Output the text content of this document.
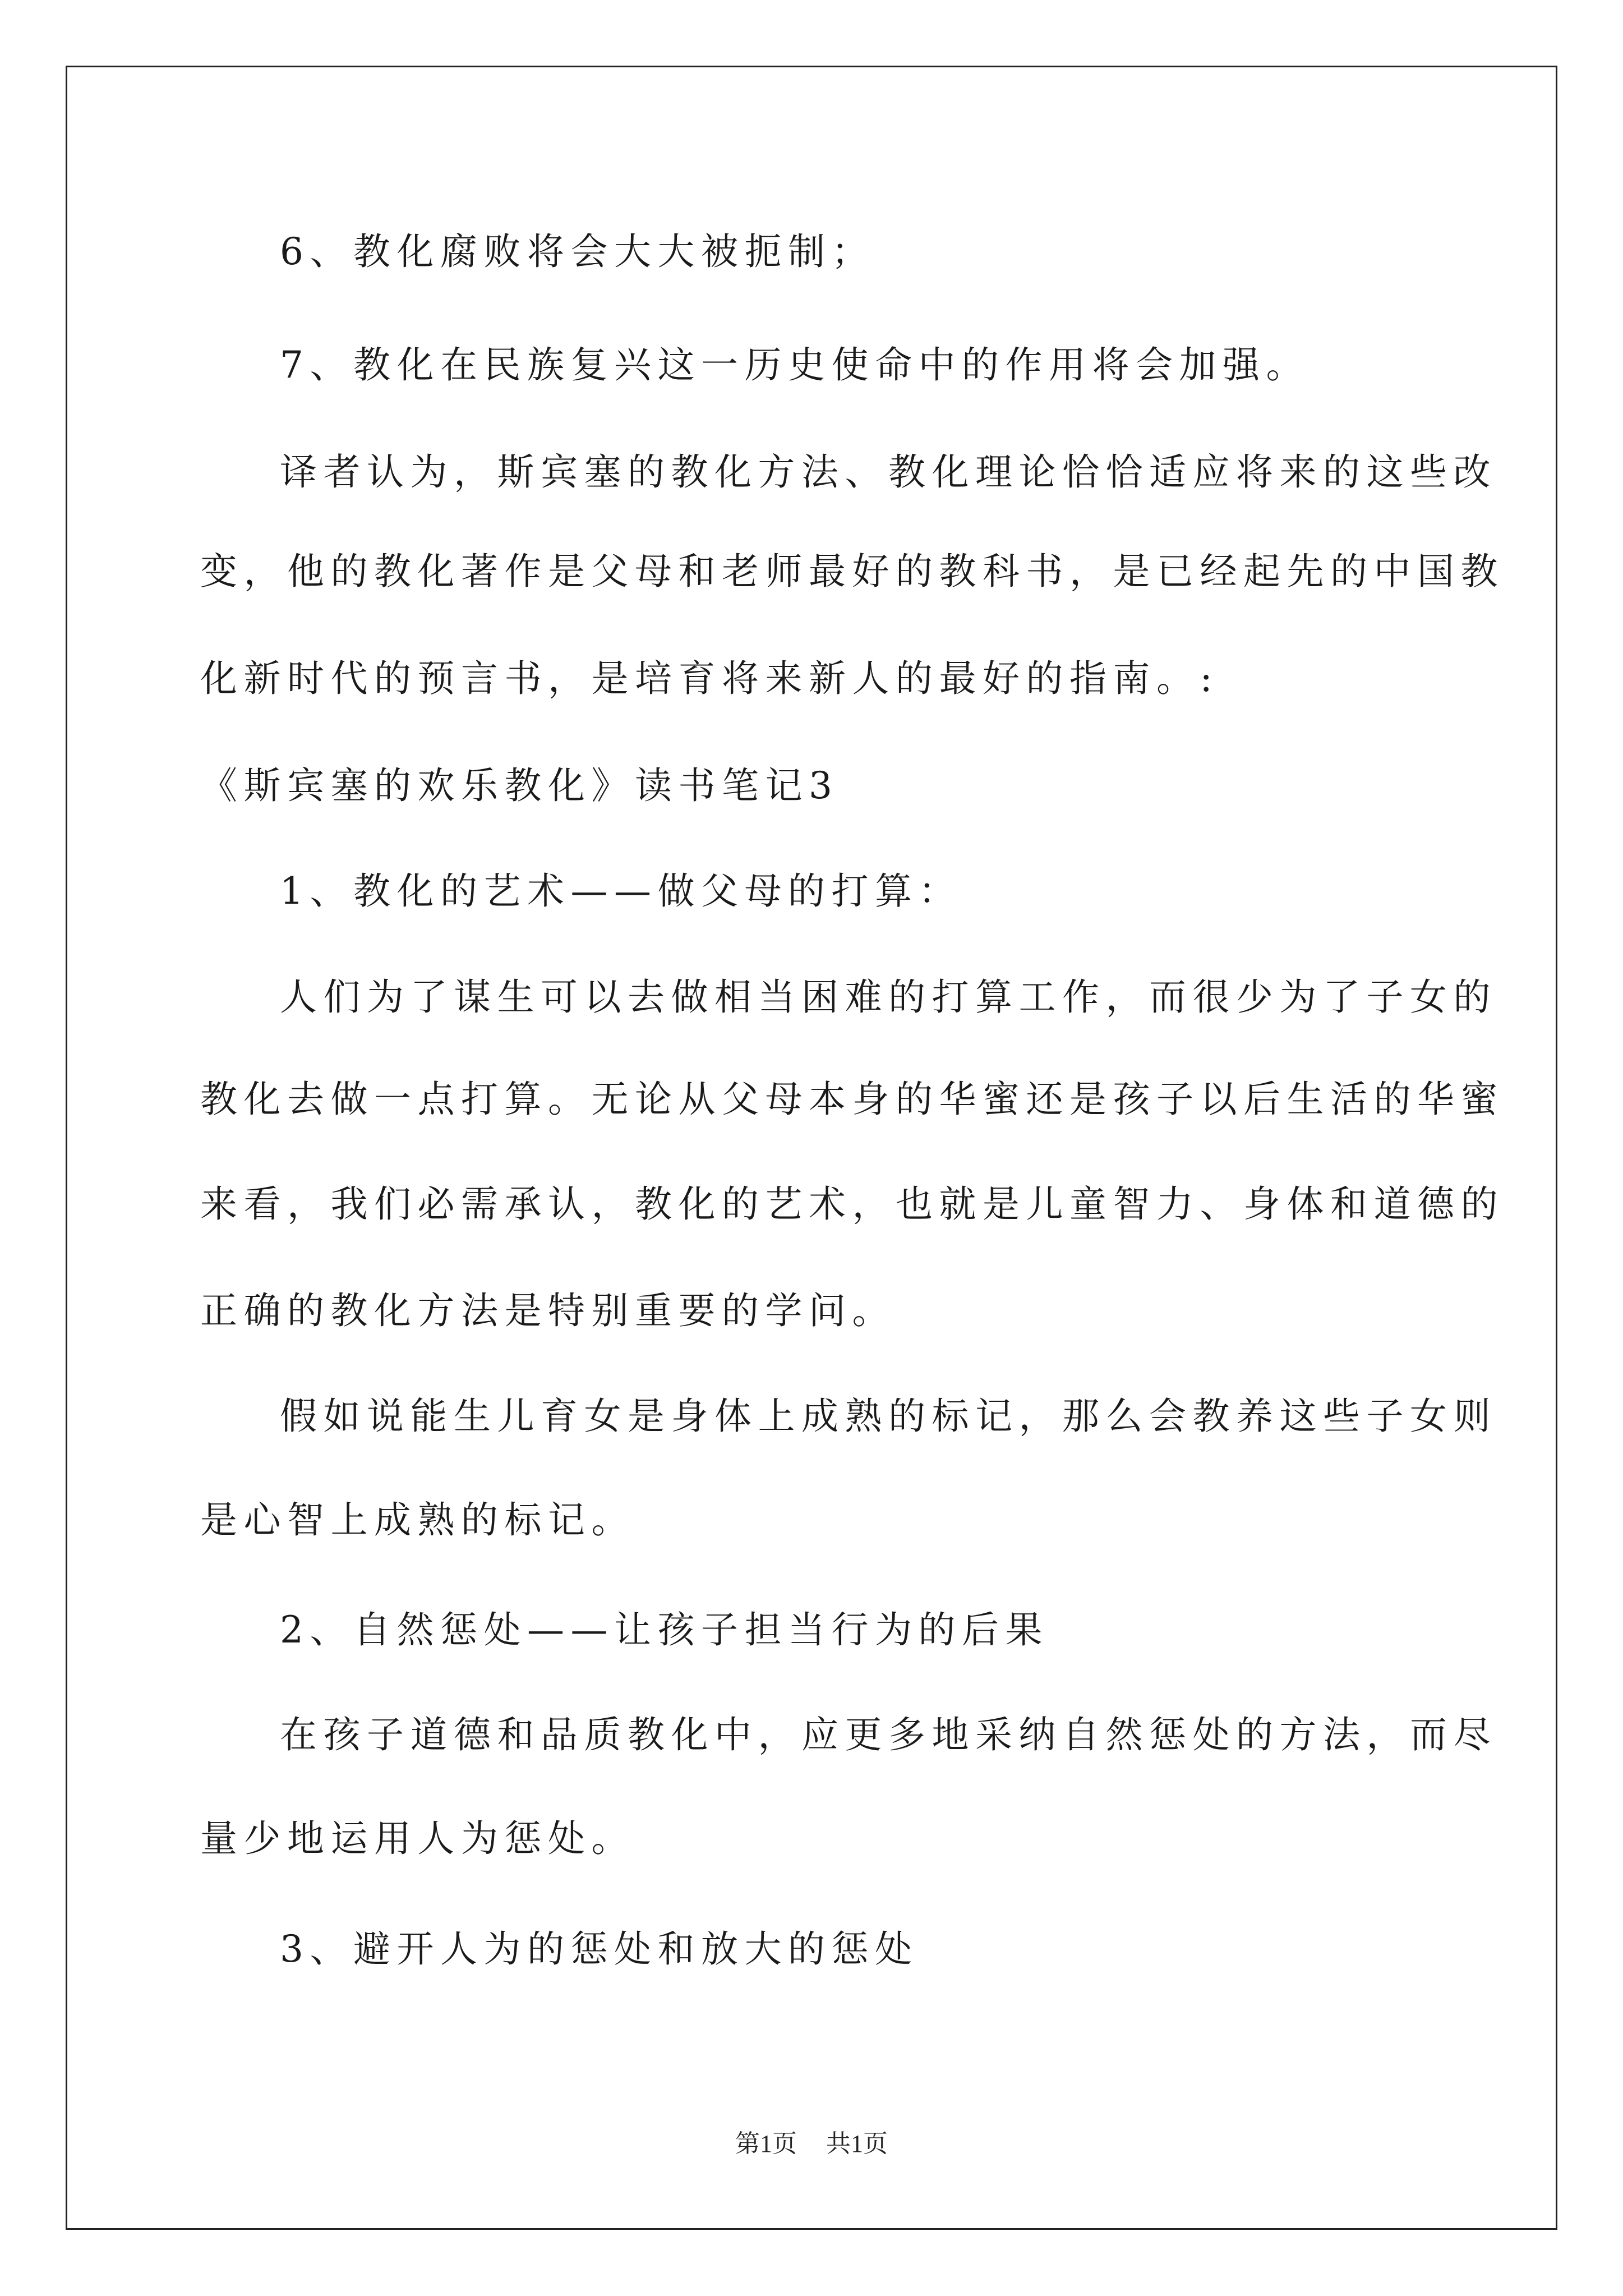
6、教化腐败将会大大被扼制；
7、教化在民族复兴这一历史使命中的作用将会加强。
译者认为，斯宾塞的教化方法、教化理论恰恰适应将来的这些改
变，他的教化著作是父母和老师最好的教科书，是已经起先的中国教
化新时代的预言书，是培育将来新人的最好的指南。:
《斯宾塞的欢乐教化》读书笔记3
1、教化的艺术——做父母的打算：
人们为了谋生可以去做相当困难的打算工作，而很少为了子女的
教化去做一点打算。无论从父母本身的华蜜还是孩子以后生活的华蜜
来看，我们必需承认，教化的艺术，也就是儿童智力、身体和道德的
正确的教化方法是特别重要的学问。
假如说能生儿育女是身体上成熟的标记，那么会教养这些子女则
是心智上成熟的标记。
2、自然惩处——让孩子担当行为的后果
在孩子道德和品质教化中，应更多地采纳自然惩处的方法，而尽
量少地运用人为惩处。
3、避开人为的惩处和放大的惩处
第1页 共1页
